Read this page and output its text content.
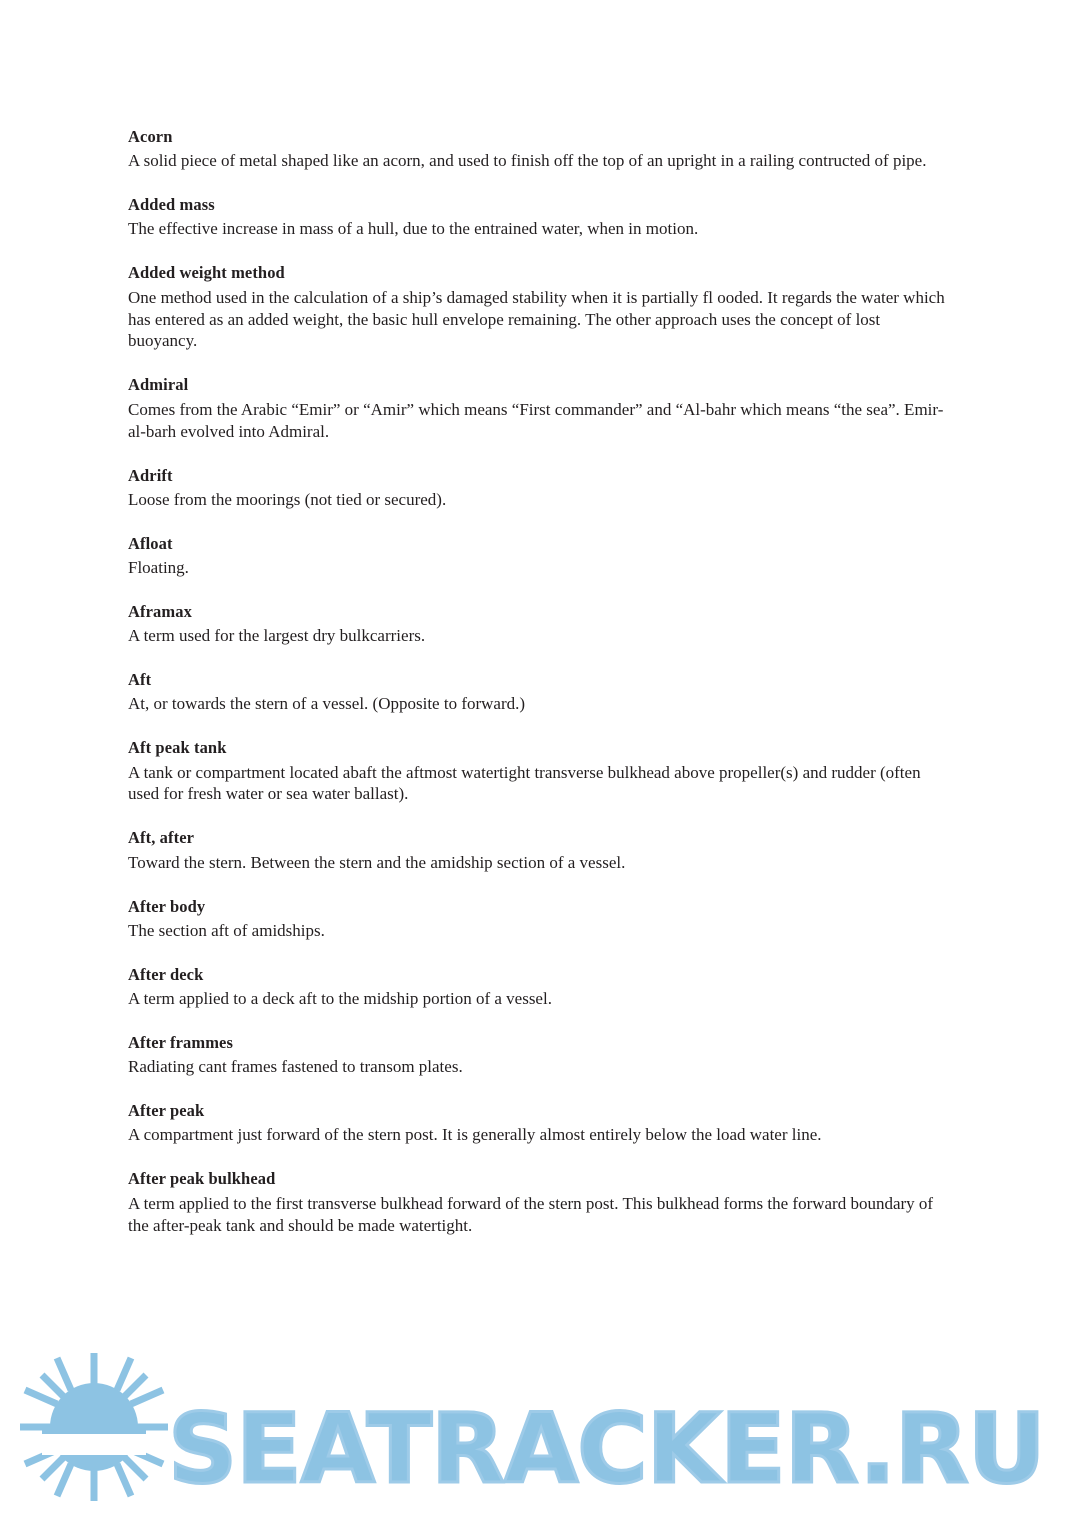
Acorn
A solid piece of metal shaped like an acorn, and used to finish off the top of an upright in a railing contructed of pipe.
Added mass
The effective increase in mass of a hull, due to the entrained water, when in motion.
Added weight method
One method used in the calculation of a ship’s damaged stability when it is partially fl ooded. It regards the water which has entered as an added weight, the basic hull envelope remaining. The other approach uses the concept of lost buoyancy.
Admiral
Comes from the Arabic “Emir” or “Amir” which means “First commander” and “Al-bahr which means “the sea”. Emir-al-barh evolved into Admiral.
Adrift
Loose from the moorings (not tied or secured).
Afloat
Floating.
Aframax
A term used for the largest dry bulkcarriers.
Aft
At, or towards the stern of a vessel. (Opposite to forward.)
Aft peak tank
A tank or compartment located abaft the aftmost watertight transverse bulkhead above propeller(s) and rudder (often used for fresh water or sea water ballast).
Aft, after
Toward the stern. Between the stern and the amidship section of a vessel.
After body
The section aft of amidships.
After deck
A term applied to a deck aft to the midship portion of a vessel.
After frammes
Radiating cant frames fastened to transom plates.
After peak
A compartment just forward of the stern post. It is generally almost entirely below the load water line.
After peak bulkhead
A term applied to the first transverse bulkhead forward of the stern post. This bulkhead forms the forward boundary of the after-peak tank and should be made watertight.
SEATRACKER.RU
